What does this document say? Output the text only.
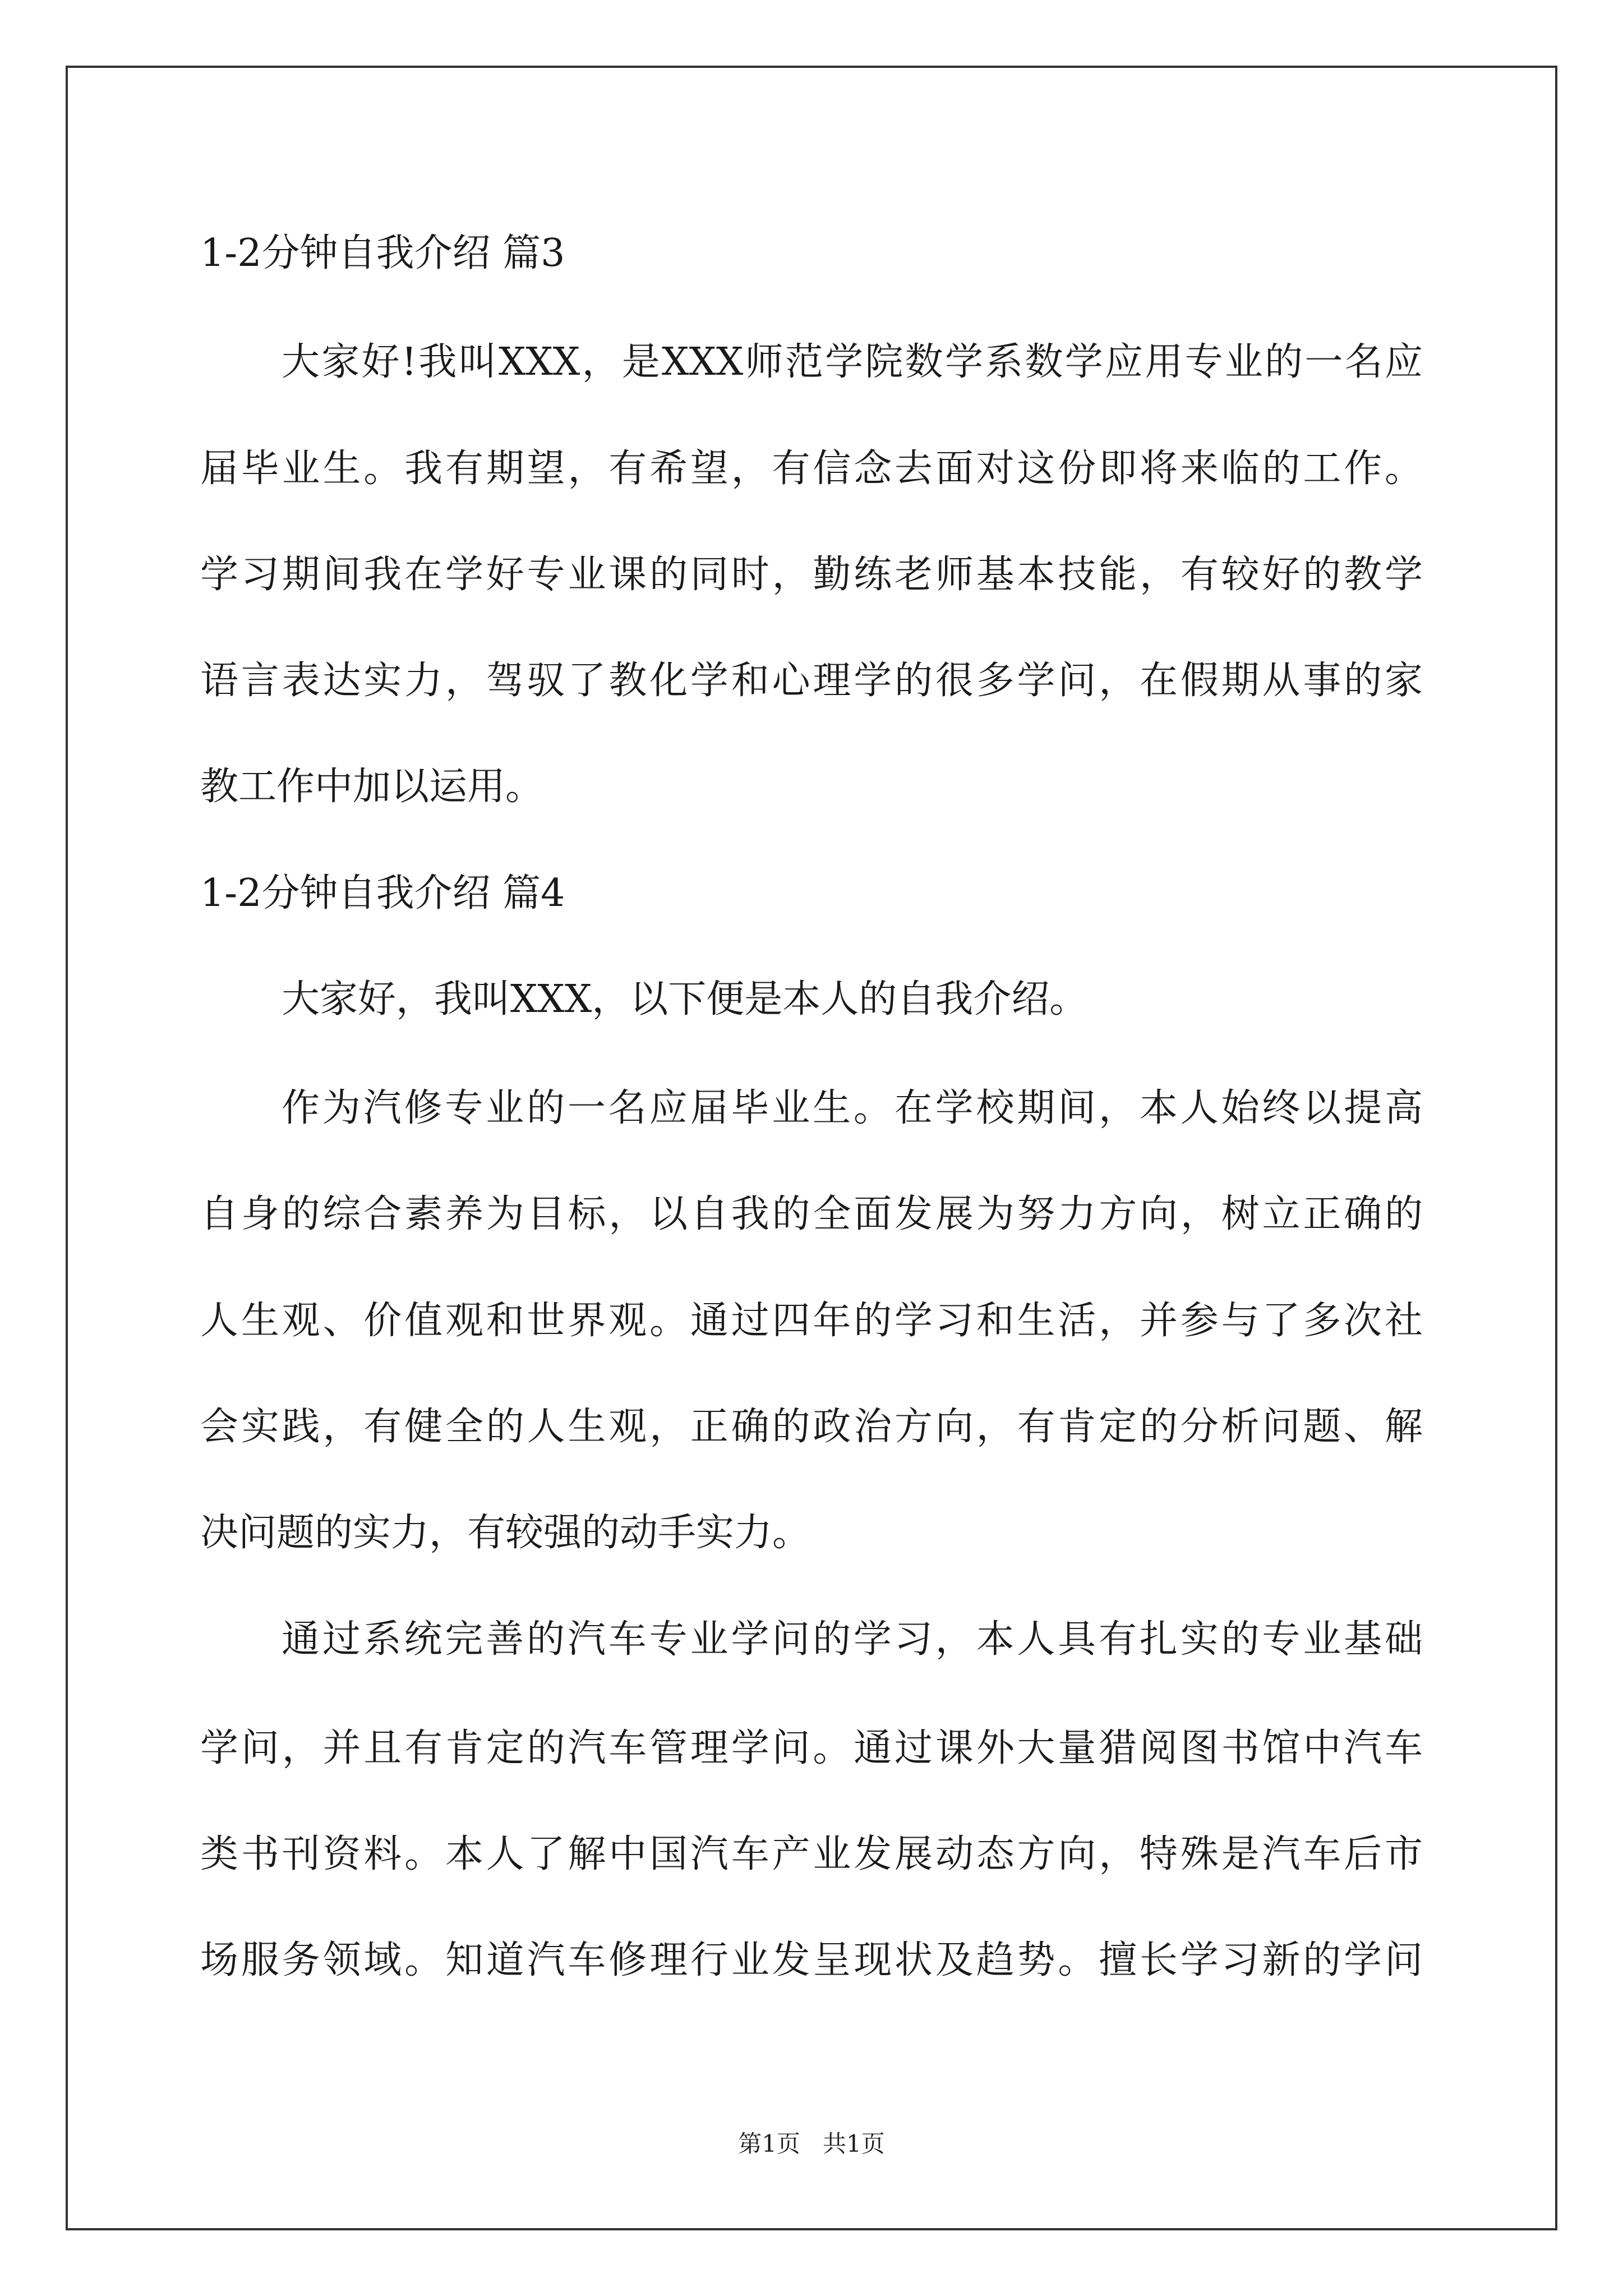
1-2分钟自我介绍 篇3
大家好!我叫XXX，是XXX师范学院数学系数学应用专业的一名应
届毕业生。我有期望，有希望，有信念去面对这份即将来临的工作。
学习期间我在学好专业课的同时，勤练老师基本技能，有较好的教学
语言表达实力，驾驭了教化学和心理学的很多学问，在假期从事的家
教工作中加以运用。
1-2分钟自我介绍 篇4
大家好，我叫XXX，以下便是本人的自我介绍。
作为汽修专业的一名应届毕业生。在学校期间，本人始终以提高
自身的综合素养为目标，以自我的全面发展为努力方向，树立正确的
人生观、价值观和世界观。通过四年的学习和生活，并参与了多次社
会实践，有健全的人生观，正确的政治方向，有肯定的分析问题、解
决问题的实力，有较强的动手实力。
通过系统完善的汽车专业学问的学习，本人具有扎实的专业基础
学问，并且有肯定的汽车管理学问。通过课外大量猎阅图书馆中汽车
类书刊资料。本人了解中国汽车产业发展动态方向，特殊是汽车后市
场服务领域。知道汽车修理行业发呈现状及趋势。擅长学习新的学问
第1页   共1页
